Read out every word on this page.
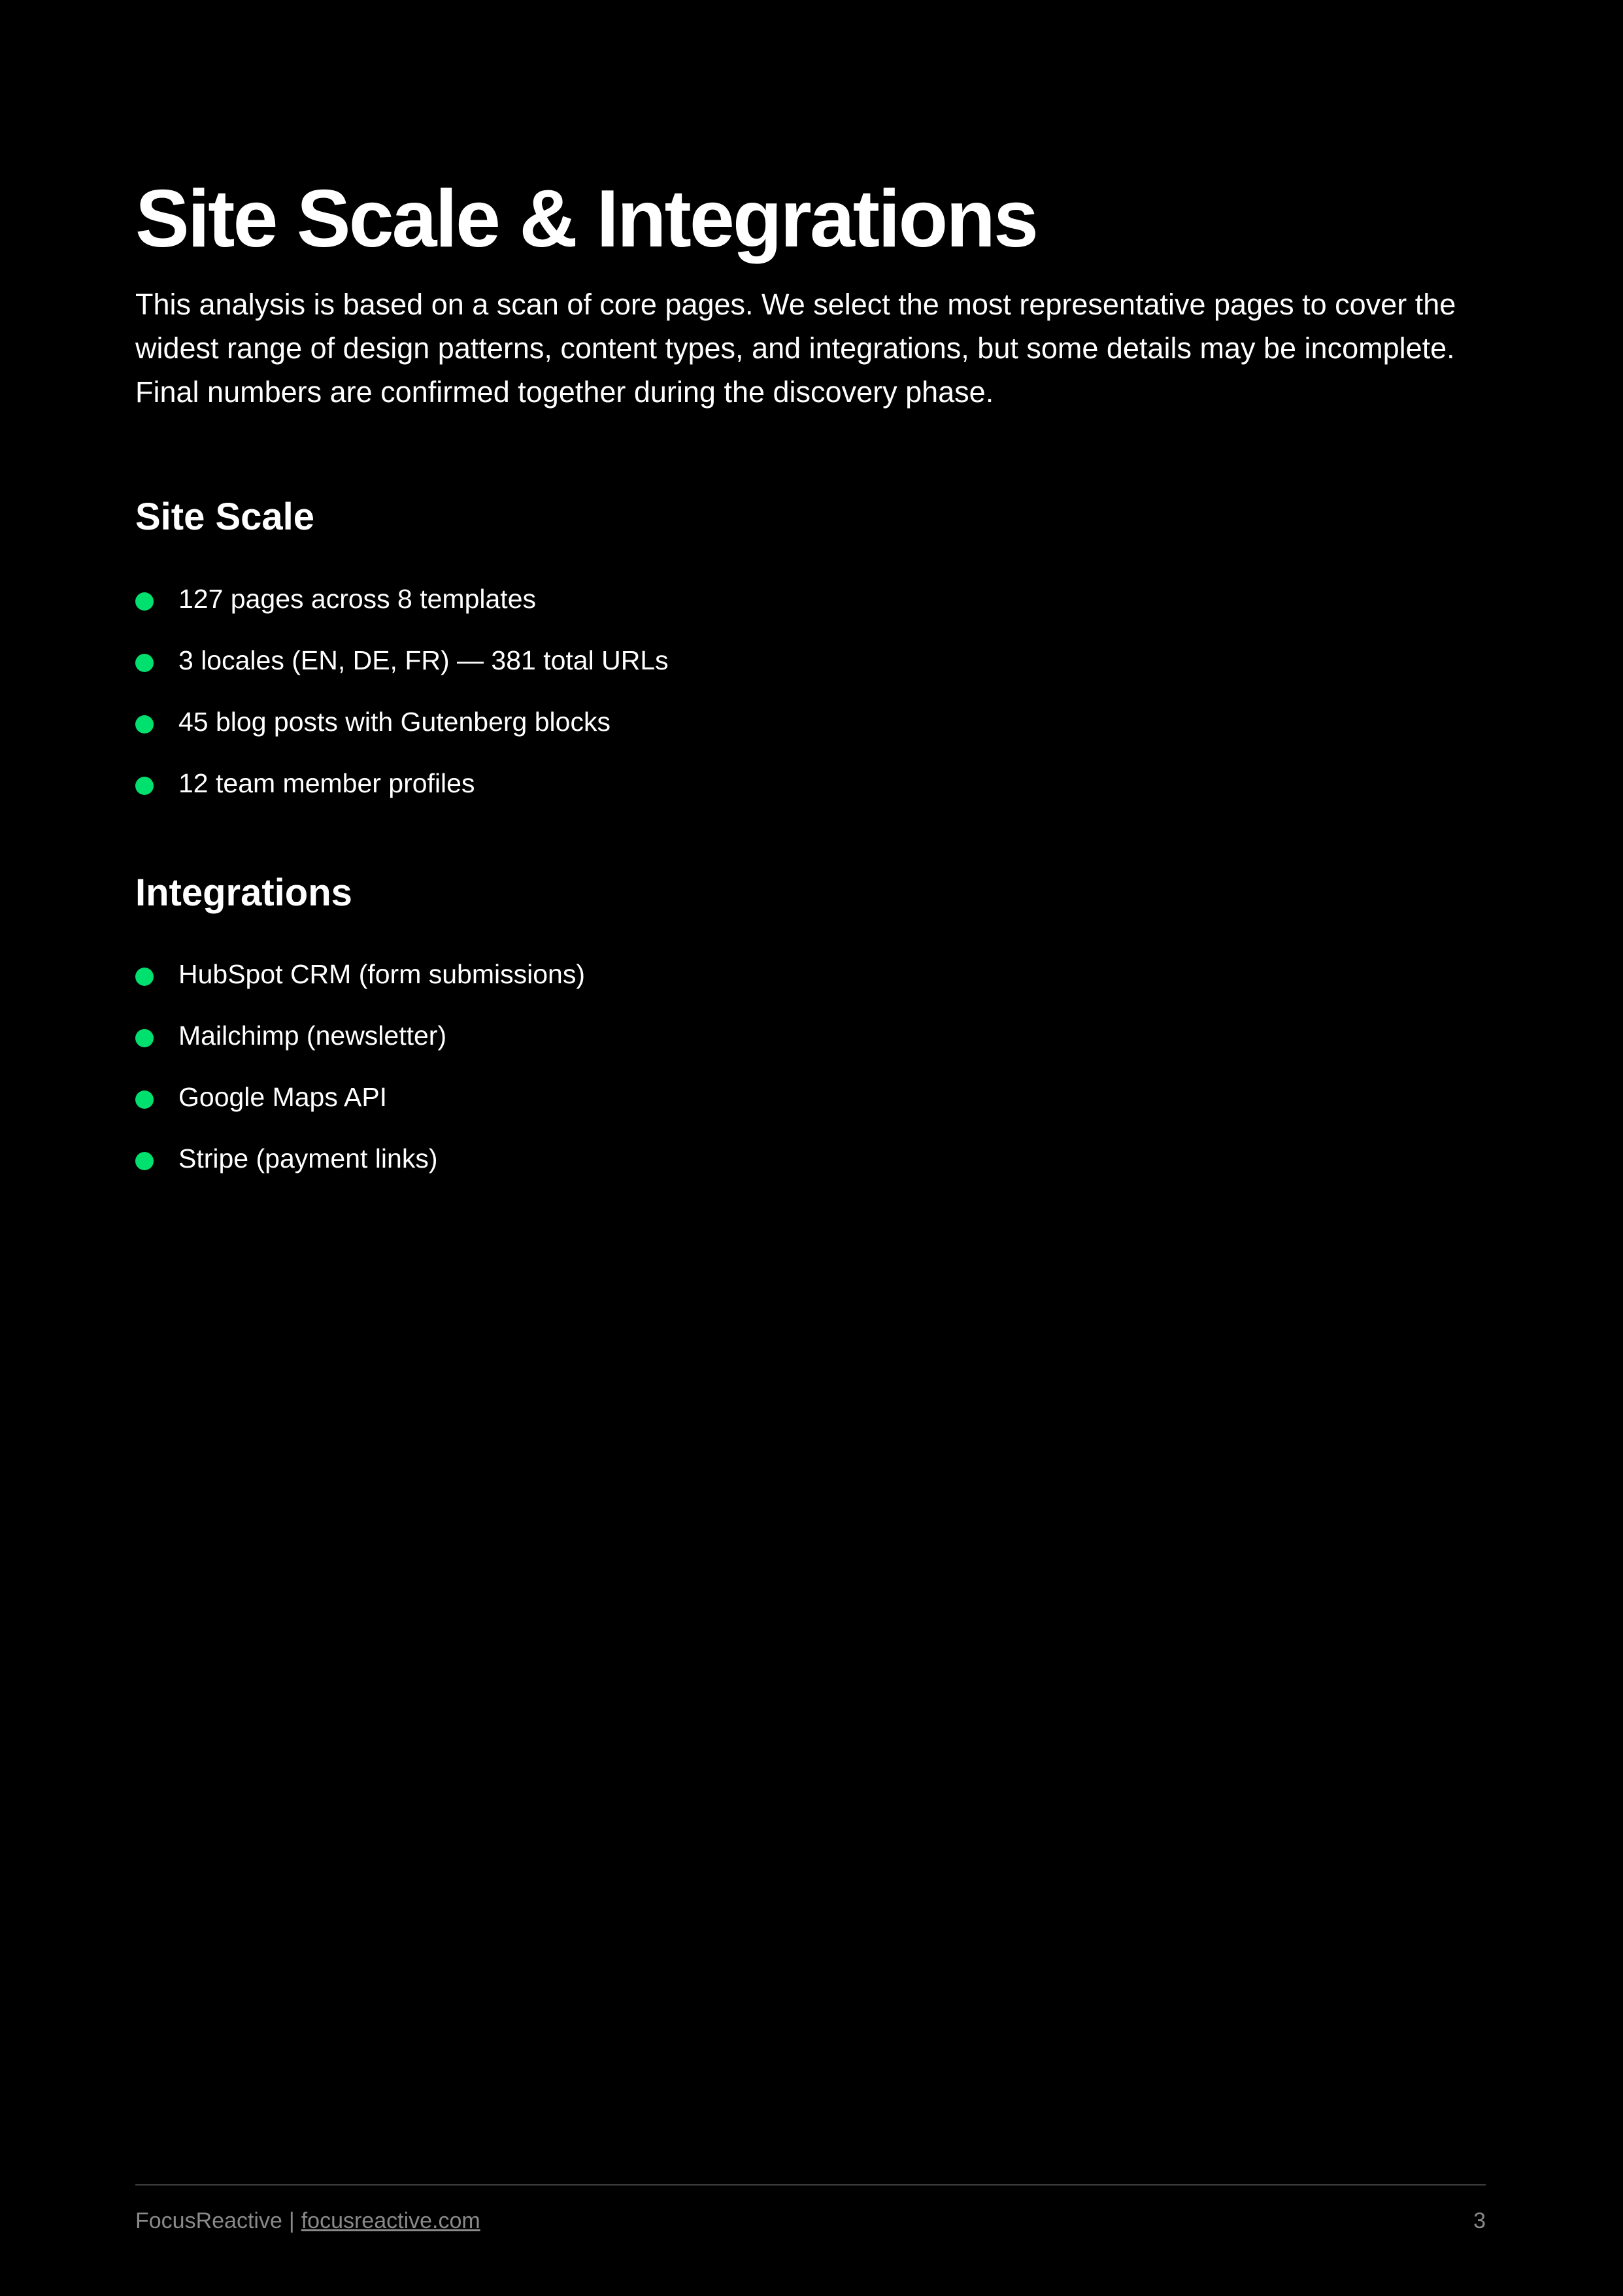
Site Scale & Integrations

This analysis is based on a scan of core pages. We select the most representative pages to cover the widest range of design patterns, content types, and integrations, but some details may be incomplete. Final numbers are confirmed together during the discovery phase.

Site Scale
127 pages across 8 templates
3 locales (EN, DE, FR) — 381 total URLs
45 blog posts with Gutenberg blocks
12 team member profiles
Integrations
HubSpot CRM (form submissions)
Mailchimp (newsletter)
Google Maps API
Stripe (payment links)
FocusReactive | focusreactive.com	3
